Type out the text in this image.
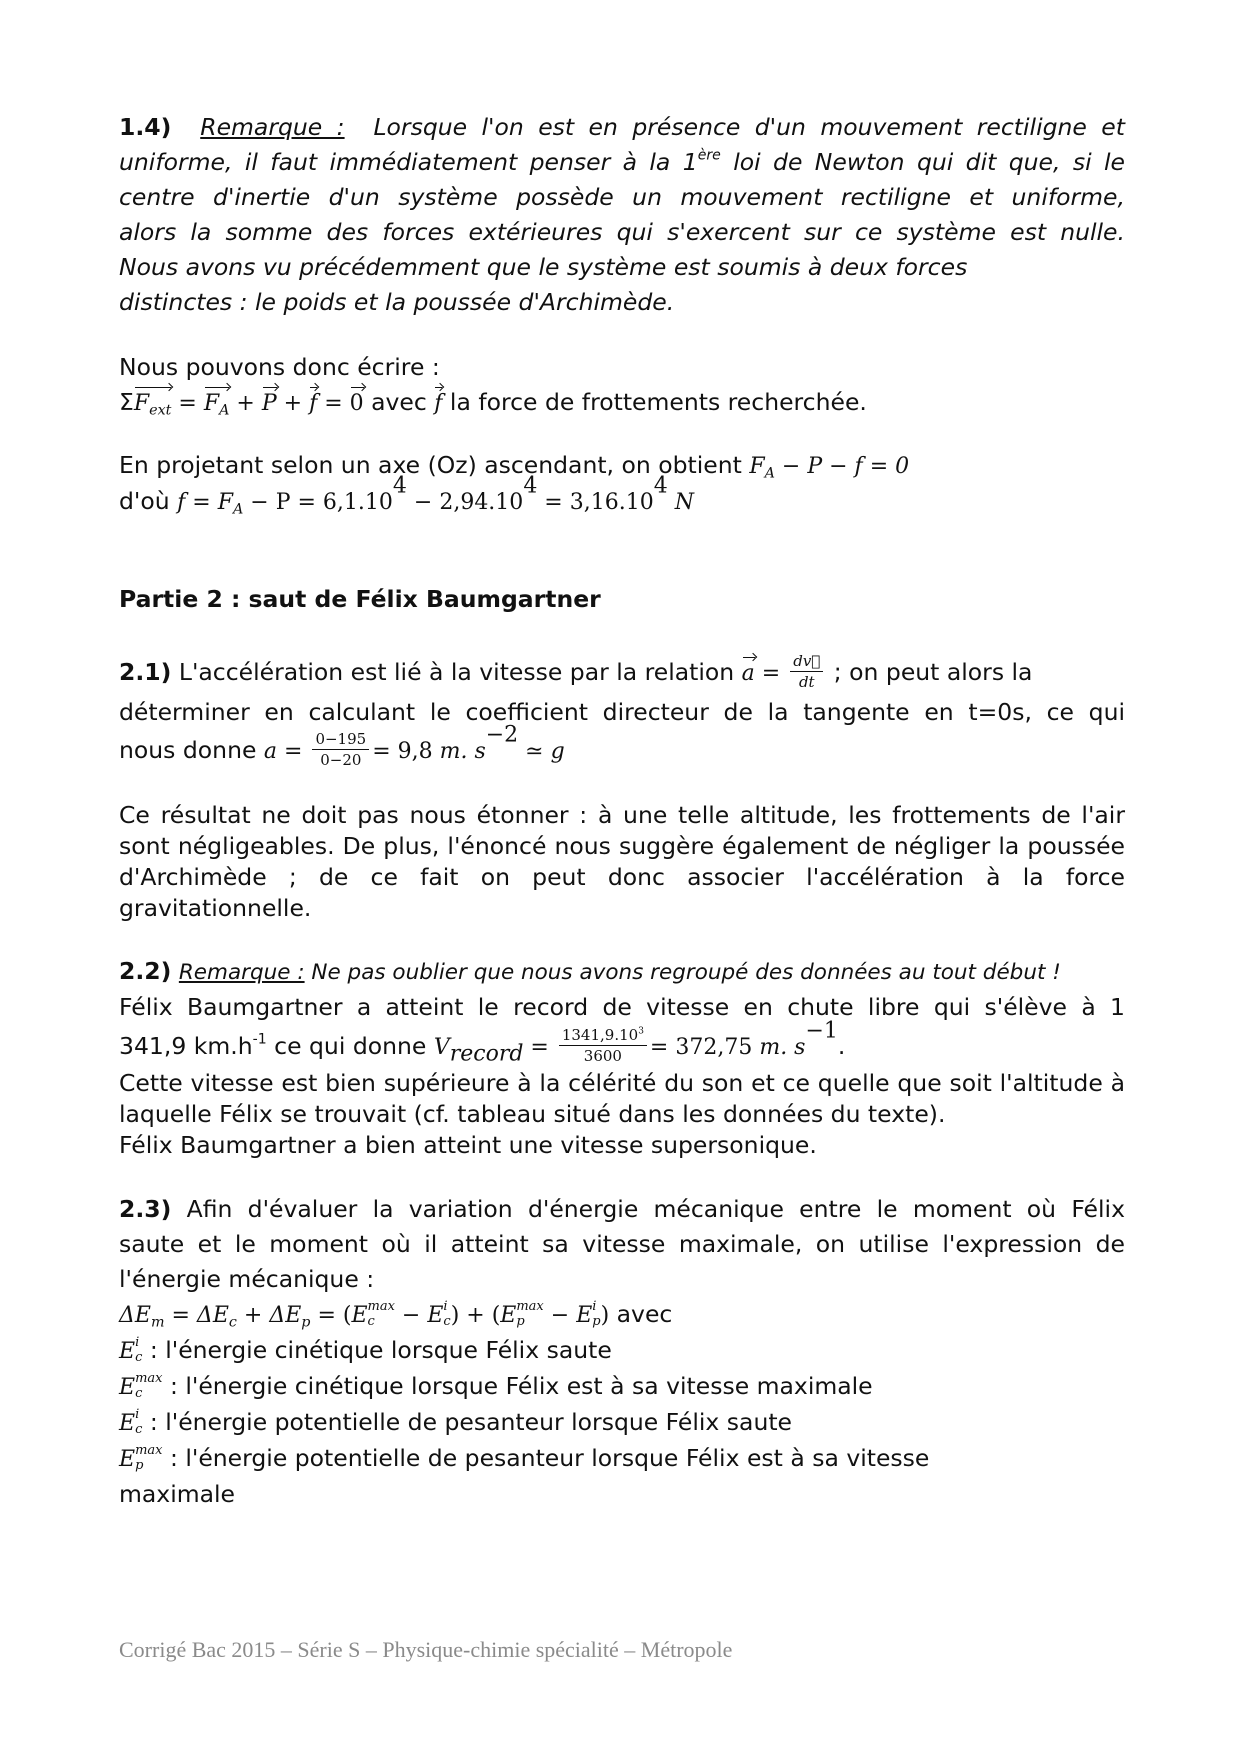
1.4) Remarque : Lorsque l'on est en présence d'un mouvement rectiligne et
uniforme, il faut immédiatement penser à la 1ère loi de Newton qui dit que, si le
centre d'inertie d'un système possède un mouvement rectiligne et uniforme,
alors la somme des forces extérieures qui s'exercent sur ce système est nulle.
Nous avons vu précédemment que le système est soumis à deux forces
distinctes : le poids et la poussée d'Archimède.
Nous pouvons donc écrire :
$\Sigma F_{ext} = F_A + P + f = 0$ avec f la force de frottements recherchée.
En projetant selon un axe (Oz) ascendant, on obtient $F_A - P - f = 0$
d'où $f = F_A - P = 6,1.10^4 - 2,94.10^4 = 3,16.10^4$ N
Partie 2 : saut de Félix Baumgartner
2.1) L'accélération est lié à la vitesse par la relation $a = \frac{dv⃗}{dt}$ ; on peut alors la
déterminer en calculant le coefficient directeur de la tangente en t=0s, ce qui
nous donne $a = \frac{0-195}{0-20} = 9,8$ m. $s^{-2}$ ≃ g
Ce résultat ne doit pas nous étonner : à une telle altitude, les frottements de l'air sont négligeables. De plus, l'énoncé nous suggère également de négliger la poussée d'Archimède ; de ce fait on peut donc associer l'accélération à la force gravitationnelle.
2.2) Remarque : Ne pas oublier que nous avons regroupé des données au tout début !
Félix Baumgartner a atteint le record de vitesse en chute libre qui s'élève à 1
341,9 $km.h^{-1}$ ce qui donne $V_{record} = \frac{1341,9.10^3}{3600} = 372,75$ m. $s^{-1}$.
Cette vitesse est bien supérieure à la célérité du son et ce quelle que soit l'altitude à laquelle Félix se trouvait (cf. tableau situé dans les données du texte).
Félix Baumgartner a bien atteint une vitesse supersonique.
2.3) Afin d'évaluer la variation d'énergie mécanique entre le moment où Félix
saute et le moment où il atteint sa vitesse maximale, on utilise l'expression de
l'énergie mécanique :
$\Delta E_m = \Delta E_c + \Delta E_p = (E$ max
c − E i
c ) + (E max
p − E i
p ) avec
E i
c : l'énergie cinétique lorsque Félix saute
E max
c : l'énergie cinétique lorsque Félix est à sa vitesse maximale
E i
c : l'énergie potentielle de pesanteur lorsque Félix saute
E max
p : l'énergie potentielle de pesanteur lorsque Félix est à sa vitesse
maximale
Corrigé Bac 2015 – Série S – Physique-chimie spécialité – Métropole
